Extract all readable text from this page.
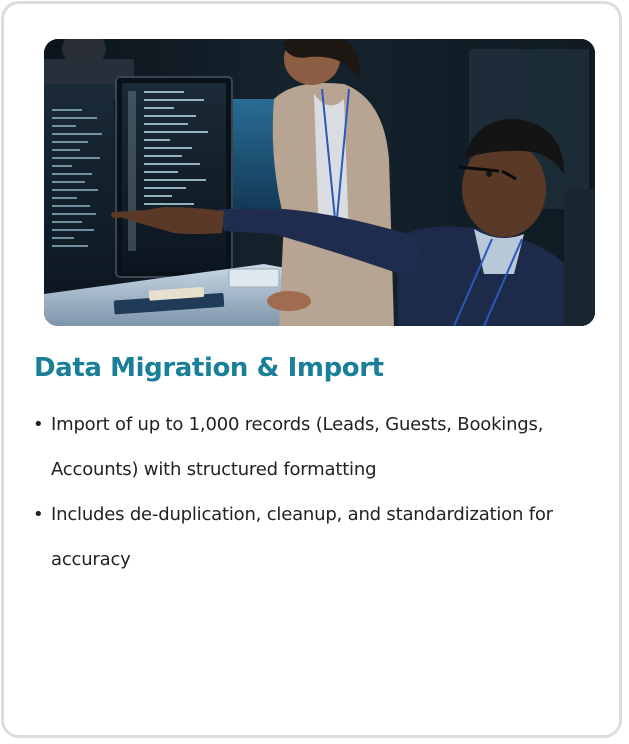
Data Migration & Import
• Import of up to 1,000 records (Leads, Guests, Bookings, Accounts) with structured formatting
• Includes de-duplication, cleanup, and standardization for accuracy
